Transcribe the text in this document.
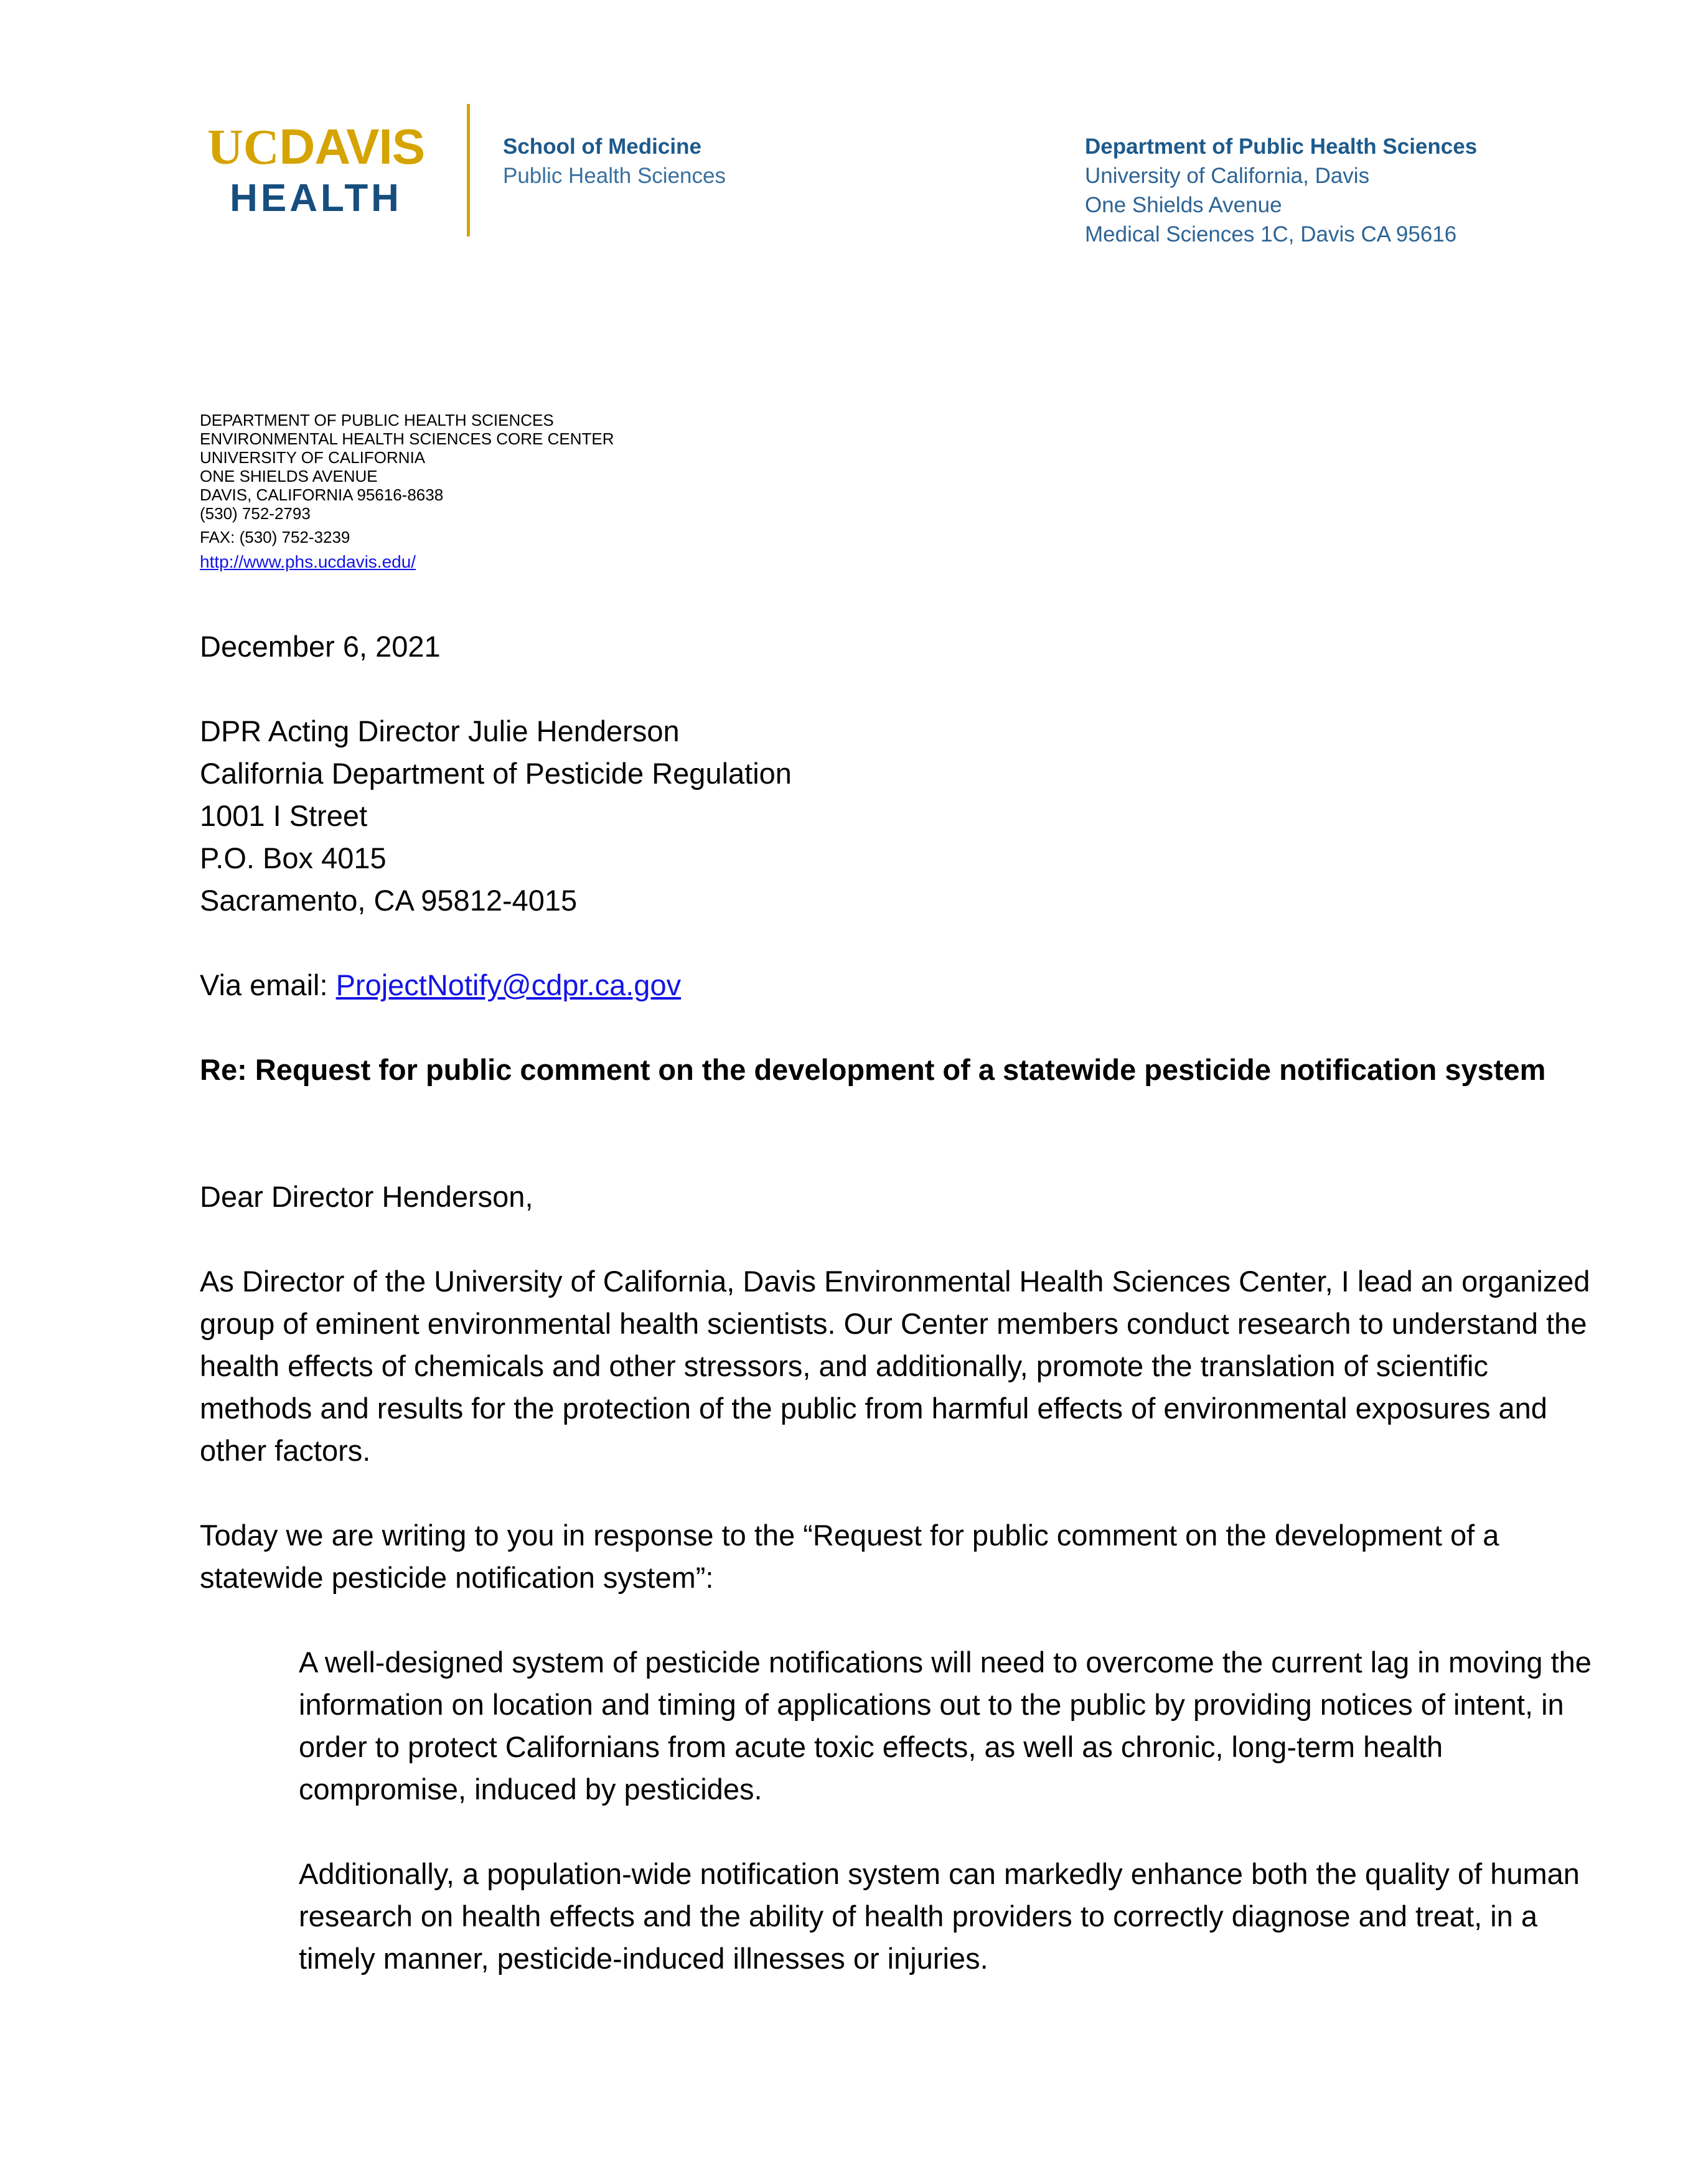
UCDAVIS
HEALTH
School of Medicine
Public Health Sciences
Department of Public Health Sciences
University of California, Davis
One Shields Avenue
Medical Sciences 1C, Davis CA 95616
DEPARTMENT OF PUBLIC HEALTH SCIENCES
ENVIRONMENTAL HEALTH SCIENCES CORE CENTER
UNIVERSITY OF CALIFORNIA
ONE SHIELDS AVENUE
DAVIS, CALIFORNIA 95616-8638
(530) 752-2793
FAX: (530) 752-3239
http://www.phs.ucdavis.edu/
December 6, 2021
DPR Acting Director Julie Henderson
California Department of Pesticide Regulation
1001 I Street
P.O. Box 4015
Sacramento, CA 95812-4015
Via email: ProjectNotify@cdpr.ca.gov
Re: Request for public comment on the development of a statewide pesticide notification system
Dear Director Henderson,
As Director of the University of California, Davis Environmental Health Sciences Center, I lead an organized
group of eminent environmental health scientists. Our Center members conduct research to understand the
health effects of chemicals and other stressors, and additionally, promote the translation of scientific
methods and results for the protection of the public from harmful effects of environmental exposures and
other factors.
Today we are writing to you in response to the “Request for public comment on the development of a
statewide pesticide notification system”:
A well-designed system of pesticide notifications will need to overcome the current lag in moving the
information on location and timing of applications out to the public by providing notices of intent, in
order to protect Californians from acute toxic effects, as well as chronic, long-term health
compromise, induced by pesticides.
Additionally, a population-wide notification system can markedly enhance both the quality of human
research on health effects and the ability of health providers to correctly diagnose and treat, in a
timely manner, pesticide-induced illnesses or injuries.
